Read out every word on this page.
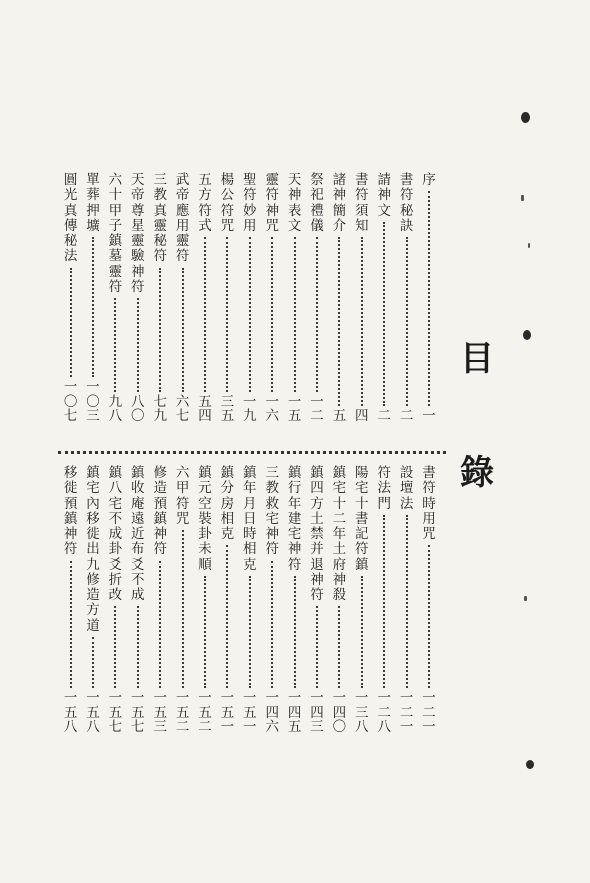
目
錄
序
一
書
符
秘
訣
二
請
神
文
二
書
符
須
知
四
諸
神
簡
介
五
祭
祀
禮
儀
一
二
天
神
表
文
一
五
靈
符
神
咒
一
六
聖
符
妙
用
一
九
楊
公
符
咒
三
五
五
方
符
式
五
四
武
帝
應
用
靈
符
六
七
三
教
真
靈
秘
符
七
九
天
帝
尊
星
靈
驗
神
符
八
〇
六
十
甲
子
鎮
墓
靈
符
九
八
單
葬
押
壙
一
〇
三
圓
光
真
傳
秘
法
一
〇
七
書
符
時
用
咒
一
二
一
設
壇
法
一
二
一
符
法
門
一
二
八
陽
宅
十
書
記
符
鎮
一
三
八
鎮
宅
十
二
年
土
府
神
殺
一
四
〇
鎮
四
方
土
禁
并
退
神
符
一
四
三
鎮
行
年
建
宅
神
符
一
四
五
三
教
救
宅
神
符
一
四
六
鎮
年
月
日
時
相
克
一
五
一
鎮
分
房
相
克
一
五
一
鎮
元
空
裝
卦
未
順
一
五
二
六
甲
符
咒
一
五
二
修
造
預
鎮
神
符
一
五
三
鎮
收
庵
遠
近
布
爻
不
成
一
五
七
鎮
八
宅
不
成
卦
爻
折
改
一
五
七
鎮
宅
內
移
徙
出
九
修
造
方
道
一
五
八
移
徙
預
鎮
神
符
一
五
八
